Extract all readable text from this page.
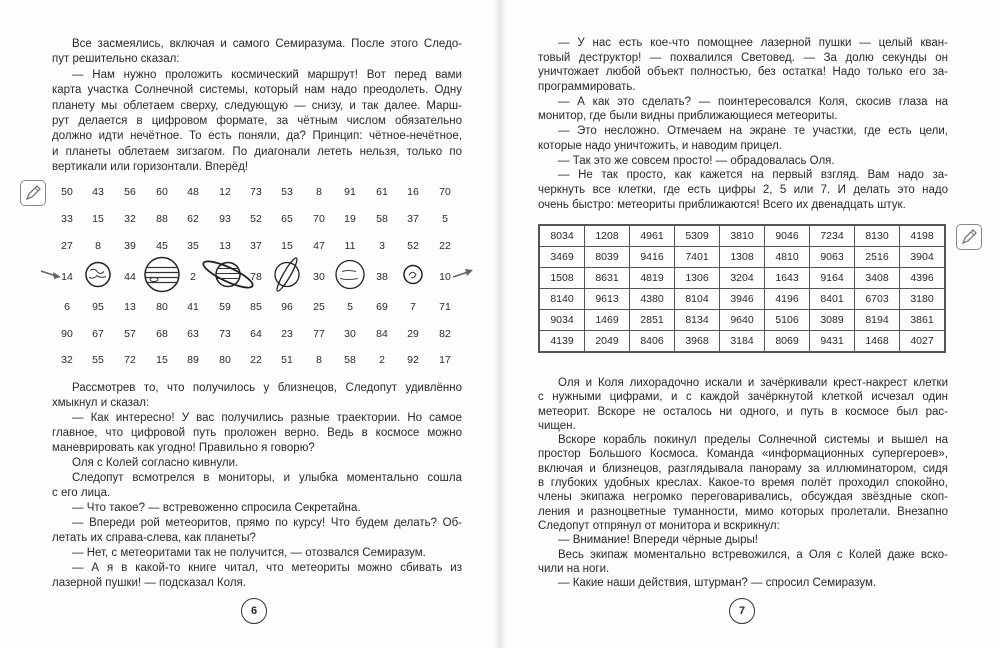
Все засмеялись, включая и самого Семиразума. После этого Следо-
пут решительно сказал:
— Нам нужно проложить космический маршрут! Вот перед вами
карта участка Солнечной системы, который нам надо преодолеть. Одну
планету мы облетаем сверху, следующую — снизу, и так далее. Марш-
рут делается в цифровом формате, за чётным числом обязательно
должно идти нечётное. То есть поняли, да? Принцип: чётное-нечётное,
и планеты облетаем зигзагом. По диагонали лететь нельзя, только по
вертикали или горизонтали. Вперёд!
Рассмотрев то, что получилось у близнецов, Следопут удивлённо
хмыкнул и сказал:
— Как интересно! У вас получились разные траектории. Но самое
главное, что цифровой путь проложен верно. Ведь в космосе можно
маневрировать как угодно! Правильно я говорю?
Оля с Колей согласно кивнули.
Следопут всмотрелся в мониторы, и улыбка моментально сошла
с его лица.
— Что такое? — встревоженно спросила Секретайна.
— Впереди рой метеоритов, прямо по курсу! Что будем делать? Об-
летать их справа-слева, как планеты?
— Нет, с метеоритами так не получится, — отозвался Семиразум.
— А я в какой-то книге читал, что метеориты можно сбивать из
лазерной пушки! — подсказал Коля.
— У нас есть кое-что помощнее лазерной пушки — целый кван-
товый деструктор! — похвалился Световед. — За долю секунды он
уничтожает любой объект полностью, без остатка! Надо только его за-
программировать.
— А как это сделать? — поинтересовался Коля, скосив глаза на
монитор, где были видны приближающиеся метеориты.
— Это несложно. Отмечаем на экране те участки, где есть цели,
которые надо уничтожить, и наводим прицел.
— Так это же совсем просто! — обрадовалась Оля.
— Не так просто, как кажется на первый взгляд. Вам надо за-
черкнуть все клетки, где есть цифры 2, 5 или 7. И делать это надо
очень быстро: метеориты приближаются! Всего их двенадцать штук.
Оля и Коля лихорадочно искали и зачёркивали крест-накрест клетки
с нужными цифрами, и с каждой зачёркнутой клеткой исчезал один
метеорит. Вскоре не осталось ни одного, и путь в космосе был рас-
чищен.
Вскоре корабль покинул пределы Солнечной системы и вышел на
простор Большого Космоса. Команда «информационных супергероев»,
включая и близнецов, разглядывала панораму за иллюминатором, сидя
в глубоких удобных креслах. Какое-то время полёт проходил спокойно,
члены экипажа негромко переговаривались, обсуждая звёздные скоп-
ления и разноцветные туманности, мимо которых пролетали. Внезапно
Следопут отпрянул от монитора и вскрикнул:
— Внимание! Впереди чёрные дыры!
Весь экипаж моментально встревожился, а Оля с Колей даже вско-
чили на ноги.
— Какие наши действия, штурман? — спросил Семиразум.
50 43 56 60 48 12 73 53 8 91 61 16 70
33 15 32 88 62 93 52 65 70 19 58 37 5
27 8 39 45 35 13 37 15 47 11 3 52 22
14	44	2	78	30	38	10
6 95 13 80 41 59 85 96 25 5 69 7 71
90 67 57 68 63 73 64 23 77 30 84 29 82
32 55 72 15 89 80 22 51 8 58 2 92 17
8034	1208	4961	5309	3810	9046	7234	8130	4198
3469	8039	9416	7401	1308	4810	9063	2516	3904
1508	8631	4819	1306	3204	1643	9164	3408	4396
8140	9613	4380	8104	3946	4196	8401	6703	3180
9034	1469	2851	8134	9640	5106	3089	8194	3861
4139	2049	8406	3968	3184	8069	9431	1468	4027
6	7
